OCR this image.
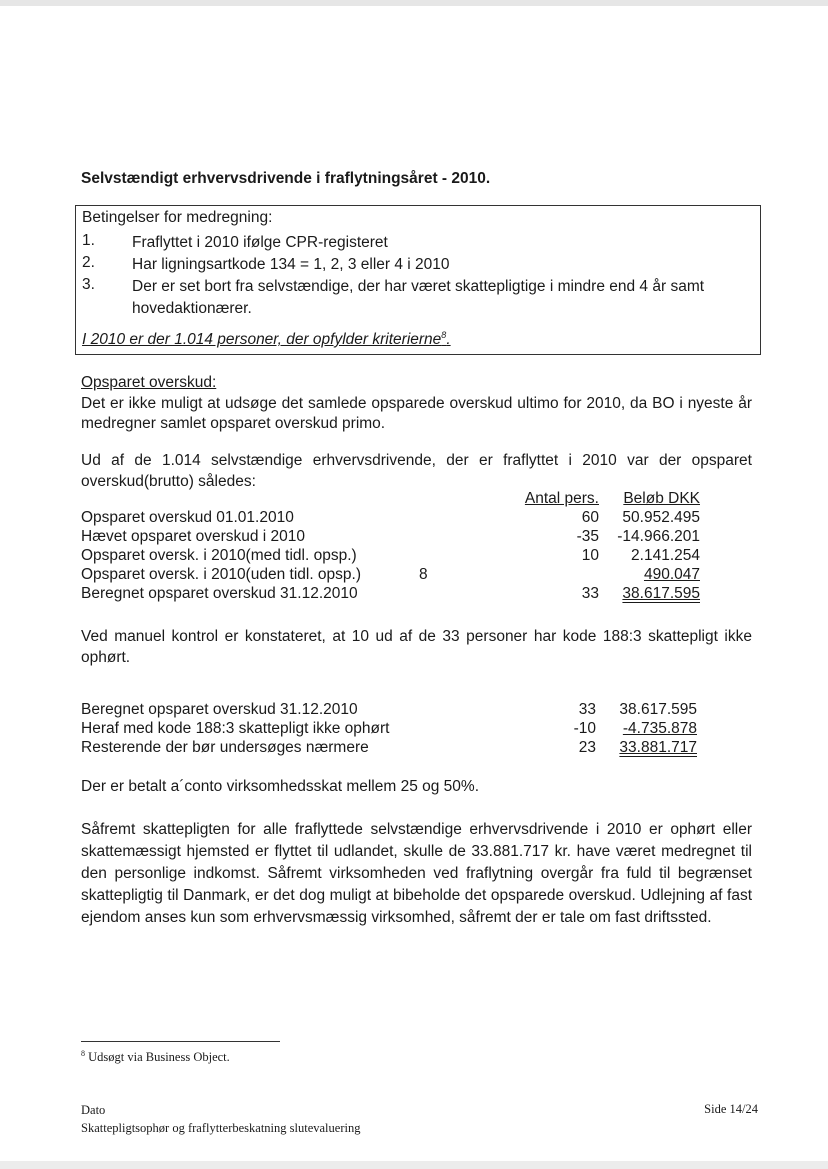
Selvstændigt erhvervsdrivende i fraflytningsåret - 2010.
Betingelser for medregning:
1. Fraflyttet i 2010 ifølge CPR-registeret
2. Har ligningsartkode 134 = 1, 2, 3 eller 4 i 2010
3. Der er set bort fra selvstændige, der har været skattepligtige i mindre end 4 år samt hovedaktionærer.
I 2010 er der 1.014 personer, der opfylder kriterierne$^8$.
Opsparet overskud:
Det er ikke muligt at udsøge det samlede opsparede overskud ultimo for 2010, da BO i nyeste år medregner samlet opsparet overskud primo.
Ud af de 1.014 selvstændige erhvervsdrivende, der er fraflyttet i 2010 var der opsparet overskud(brutto) således:
Antal pers. Beløb DKK
Opsparet overskud 01.01.2010	60 50.952.495
Hævet opsparet overskud i 2010	-35 -14.966.201
Opsparet oversk. i 2010(med tidl. opsp.)	10 2.141.254
Opsparet oversk. i 2010(uden tidl. opsp.)	8	490.047
Beregnet opsparet overskud 31.12.2010	33 38.617.595
Ved manuel kontrol er konstateret, at 10 ud af de 33 personer har kode 188:3 skattepligt ikke ophørt.
Beregnet opsparet overskud 31.12.2010	33 38.617.595
Heraf med kode 188:3 skattepligt ikke ophørt	-10 -4.735.878
Resterende der bør undersøges nærmere	23 33.881.717
Der er betalt a´conto virksomhedsskat mellem 25 og 50%.
Såfremt skattepligten for alle fraflyttede selvstændige erhvervsdrivende i 2010 er ophørt eller skattemæssigt hjemsted er flyttet til udlandet, skulle de 33.881.717 kr. have været medregnet til den personlige indkomst. Såfremt virksomheden ved fraflytning overgår fra fuld til begrænset skattepligtig til Danmark, er det dog muligt at bibeholde det opsparede overskud. Udlejning af fast ejendom anses kun som erhvervsmæssig virksomhed, såfremt der er tale om fast driftssted.
$^8$ Udsøgt via Business Object.
Dato
Skattepligtsophør og fraflytterbeskatning slutevaluering
Side 14/24
